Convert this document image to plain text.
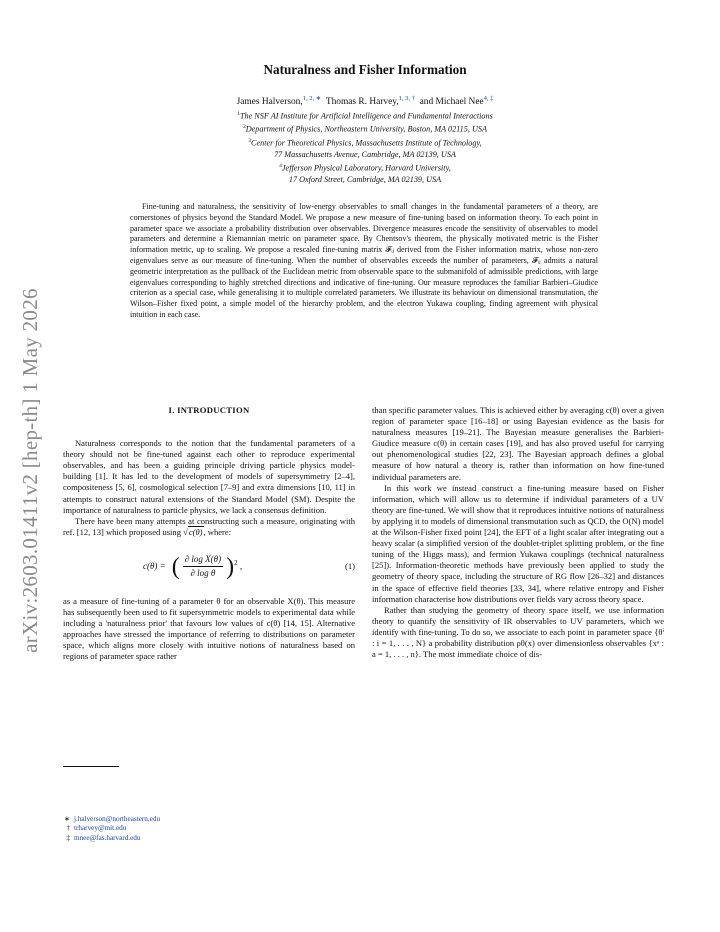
arXiv:2603.01411v2 [hep-th] 1 May 2026
Naturalness and Fisher Information
James Halverson,$^{1, 2, ∗}$ Thomas R. Harvey,$^{1, 3, \dagger}$ and Michael Nee$^{4, \ddagger}$
$^1$The NSF AI Institute for Artificial Intelligence and Fundamental Interactions
$^2$Department of Physics, Northeastern University, Boston, MA 02115, USA
$^3$Center for Theoretical Physics, Massachusetts Institute of Technology,
77 Massachusetts Avenue, Cambridge, MA 02139, USA
$^4$Jefferson Physical Laboratory, Harvard University,
17 Oxford Street, Cambridge, MA 02139, USA

Fine-tuning and naturalness, the sensitivity of low-energy observables to small changes in the fundamental parameters of a theory, are cornerstones of physics beyond the Standard Model. We propose a new measure of fine-tuning based on information theory. To each point in parameter space we associate a probability distribution over observables. Divergence measures encode the sensitivity of observables to model parameters and determine a Riemannian metric on parameter space. By Chentsov's theorem, the physically motivated metric is the Fisher information metric, up to scaling. We propose a rescaled fine-tuning matrix 𝓕ᵢⱼ derived from the Fisher information matrix, whose non-zero eigenvalues serve as our measure of fine-tuning. When the number of observables exceeds the number of parameters, 𝓕ᵢⱼ admits a natural geometric interpretation as the pullback of the Euclidean metric from observable space to the submanifold of admissible predictions, with large eigenvalues corresponding to highly stretched directions and indicative of fine-tuning. Our measure reproduces the familiar Barbieri–Giudice criterion as a special case, while generalising it to multiple correlated parameters. We illustrate its behaviour on dimensional transmutation, the Wilson–Fisher fixed point, a simple model of the hierarchy problem, and the electron Yukawa coupling, finding agreement with physical intuition in each case.

I. INTRODUCTION

Naturalness corresponds to the notion that the fundamental parameters of a theory should not be fine-tuned against each other to reproduce experimental observables, and has been a guiding principle driving particle physics model-building [1]. It has led to the development of models of supersymmetry [2–4], compositeness [5, 6], cosmological selection [7–9] and extra dimensions [10, 11] in attempts to construct natural extensions of the Standard Model (SM). Despite the importance of naturalness to particle physics, we lack a consensus definition.

There have been many attempts at constructing such a measure, originating with ref. [12, 13] which proposed using √c(θ), where:

c(θ) = ( $\frac{\text{∂ log X(θ)}}{\text{∂ log θ}} )^2$ ,	(1)

as a measure of fine-tuning of a parameter θ for an observable X(θ). This measure has subsequently been used to fit supersymmetric models to experimental data while including a 'naturalness prior' that favours low values of c(θ) [14, 15]. Alternative approaches have stressed the importance of referring to distributions on parameter space, which aligns more closely with intuitive notions of naturalness based on regions of parameter space rather

than specific parameter values. This is achieved either by averaging c(θ) over a given region of parameter space [16–18] or using Bayesian evidence as the basis for naturalness measures [19–21]. The Bayesian measure generalises the Barbieri-Giudice measure c(θ) in certain cases [19], and has also proved useful for carrying out phenomenological studies [22, 23]. The Bayesian approach defines a global measure of how natural a theory is, rather than information on how fine-tuned individual parameters are.

In this work we instead construct a fine-tuning measure based on Fisher information, which will allow us to determine if individual parameters of a UV theory are fine-tuned. We will show that it reproduces intuitive notions of naturalness by applying it to models of dimensional transmutation such as QCD, the O(N) model at the Wilson-Fisher fixed point [24], the EFT of a light scalar after integrating out a heavy scalar (a simplified version of the doublet-triplet splitting problem, or the fine tuning of the Higgs mass), and fermion Yukawa couplings (technical naturalness [25]). Information-theoretic methods have previously been applied to study the geometry of theory space, including the structure of RG flow [26–32] and distances in the space of effective field theories [33, 34], where relative entropy and Fisher information characterise how distributions over fields vary across theory space.

Rather than studying the geometry of theory space itself, we use information theory to quantify the sensitivity of IR observables to UV parameters, which we identify with fine-tuning. To do so, we associate to each point in parameter space {θⁱ : i = 1, . . . , N} a probability distribution ρθ(x) over dimensionless observables {xᵃ : a = 1, . . . , n}. The most immediate choice of dis-

∗ j.halverson@northeastern.edu
† trharvey@mit.edu
‡ mnee@fas.harvard.edu
